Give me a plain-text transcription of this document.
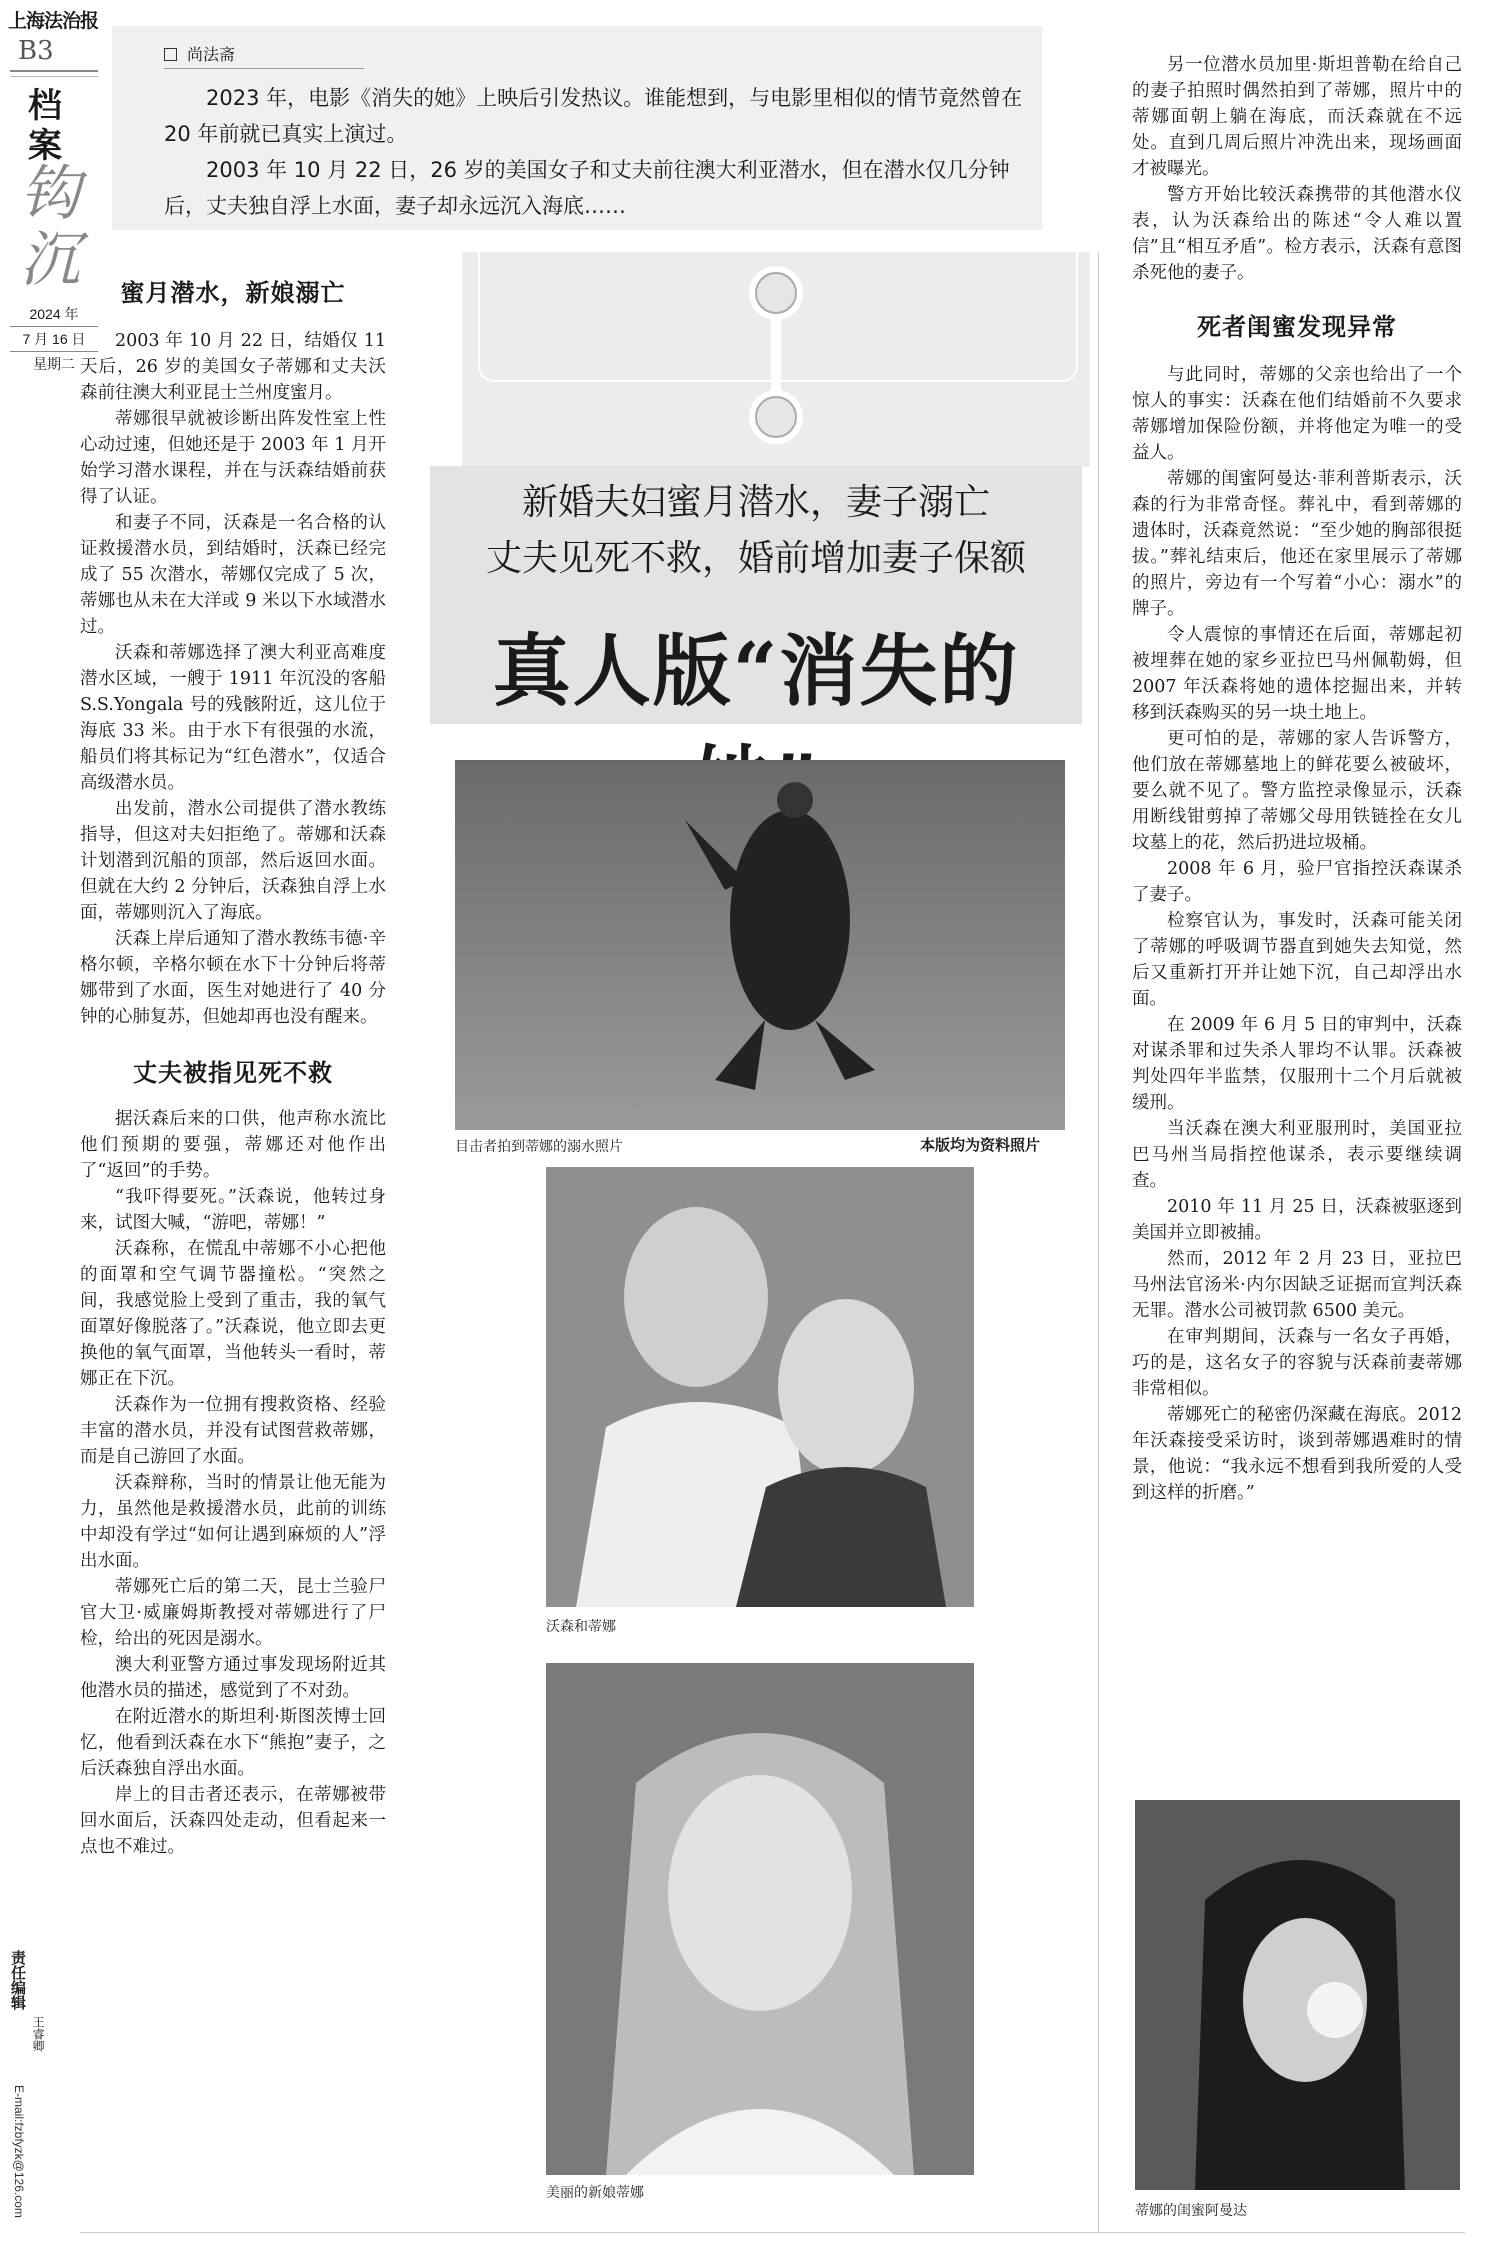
上海法治报
B3
档
案
钩
沉
2024 年
7 月 16 日
星期二
责任编辑
王睿卿
E-mail:fzbfyzk@126.com
尚法斋
2023 年，电影《消失的她》上映后引发热议。谁能想到，与电影里相似的情节竟然曾在 20 年前就已真实上演过。
2003 年 10 月 22 日，26 岁的美国女子和丈夫前往澳大利亚潜水，但在潜水仅几分钟后，丈夫独自浮上水面，妻子却永远沉入海底……
蜜月潜水，新娘溺亡

2003 年 10 月 22 日，结婚仅 11 天后，26 岁的美国女子蒂娜和丈夫沃森前往澳大利亚昆士兰州度蜜月。

蒂娜很早就被诊断出阵发性室上性心动过速，但她还是于 2003 年 1 月开始学习潜水课程，并在与沃森结婚前获得了认证。

和妻子不同，沃森是一名合格的认证救援潜水员，到结婚时，沃森已经完成了 55 次潜水，蒂娜仅完成了 5 次，蒂娜也从未在大洋或 9 米以下水域潜水过。

沃森和蒂娜选择了澳大利亚高难度潜水区域，一艘于 1911 年沉没的客船 S.S.Yongala 号的残骸附近，这儿位于海底 33 米。由于水下有很强的水流，船员们将其标记为“红色潜水”，仅适合高级潜水员。

出发前，潜水公司提供了潜水教练指导，但这对夫妇拒绝了。蒂娜和沃森计划潜到沉船的顶部，然后返回水面。但就在大约 2 分钟后，沃森独自浮上水面，蒂娜则沉入了海底。

沃森上岸后通知了潜水教练韦德·辛格尔顿，辛格尔顿在水下十分钟后将蒂娜带到了水面，医生对她进行了 40 分钟的心肺复苏，但她却再也没有醒来。

丈夫被指见死不救

据沃森后来的口供，他声称水流比他们预期的要强，蒂娜还对他作出了“返回”的手势。

“我吓得要死。”沃森说，他转过身来，试图大喊，“游吧，蒂娜！”

沃森称，在慌乱中蒂娜不小心把他的面罩和空气调节器撞松。“突然之间，我感觉脸上受到了重击，我的氧气面罩好像脱落了。”沃森说，他立即去更换他的氧气面罩，当他转头一看时，蒂娜正在下沉。

沃森作为一位拥有搜救资格、经验丰富的潜水员，并没有试图营救蒂娜，而是自己游回了水面。

沃森辩称，当时的情景让他无能为力，虽然他是救援潜水员，此前的训练中却没有学过“如何让遇到麻烦的人”浮出水面。

蒂娜死亡后的第二天，昆士兰验尸官大卫·威廉姆斯教授对蒂娜进行了尸检，给出的死因是溺水。

澳大利亚警方通过事发现场附近其他潜水员的描述，感觉到了不对劲。

在附近潜水的斯坦利·斯图茨博士回忆，他看到沃森在水下“熊抱”妻子，之后沃森独自浮出水面。

岸上的目击者还表示，在蒂娜被带回水面后，沃森四处走动，但看起来一点也不难过。

新婚夫妇蜜月潜水，妻子溺亡
丈夫见死不救，婚前增加妻子保额
真人版“消失的
目击者拍到蒂娜的溺水照片	本版均为资料照片
沃森和蒂娜
美丽的新娘蒂娜
蒂娜的闺蜜阿曼达

另一位潜水员加里·斯坦普勒在给自己的妻子拍照时偶然拍到了蒂娜，照片中的蒂娜面朝上躺在海底，而沃森就在不远处。直到几周后照片冲洗出来，现场画面才被曝光。

警方开始比较沃森携带的其他潜水仪表，认为沃森给出的陈述“令人难以置信”且“相互矛盾”。检方表示，沃森有意图杀死他的妻子。

死者闺蜜发现异常

与此同时，蒂娜的父亲也给出了一个惊人的事实：沃森在他们结婚前不久要求蒂娜增加保险份额，并将他定为唯一的受益人。

蒂娜的闺蜜阿曼达·菲利普斯表示，沃森的行为非常奇怪。葬礼中，看到蒂娜的遗体时，沃森竟然说：“至少她的胸部很挺拔。”葬礼结束后，他还在家里展示了蒂娜的照片，旁边有一个写着“小心：溺水”的牌子。

令人震惊的事情还在后面，蒂娜起初被埋葬在她的家乡亚拉巴马州佩勒姆，但 2007 年沃森将她的遗体挖掘出来，并转移到沃森购买的另一块土地上。

更可怕的是，蒂娜的家人告诉警方，他们放在蒂娜墓地上的鲜花要么被破坏，要么就不见了。警方监控录像显示，沃森用断线钳剪掉了蒂娜父母用铁链拴在女儿坟墓上的花，然后扔进垃圾桶。

2008 年 6 月，验尸官指控沃森谋杀了妻子。

检察官认为，事发时，沃森可能关闭了蒂娜的呼吸调节器直到她失去知觉，然后又重新打开并让她下沉，自己却浮出水面。

在 2009 年 6 月 5 日的审判中，沃森对谋杀罪和过失杀人罪均不认罪。沃森被判处四年半监禁，仅服刑十二个月后就被缓刑。

当沃森在澳大利亚服刑时，美国亚拉巴马州当局指控他谋杀，表示要继续调查。

2010 年 11 月 25 日，沃森被驱逐到美国并立即被捕。

然而，2012 年 2 月 23 日，亚拉巴马州法官汤米·内尔因缺乏证据而宣判沃森无罪。潜水公司被罚款 6500 美元。

在审判期间，沃森与一名女子再婚，巧的是，这名女子的容貌与沃森前妻蒂娜非常相似。

蒂娜死亡的秘密仍深藏在海底。2012 年沃森接受采访时，谈到蒂娜遇难时的情景，他说：“我永远不想看到我所爱的人受到这样的折磨。”
